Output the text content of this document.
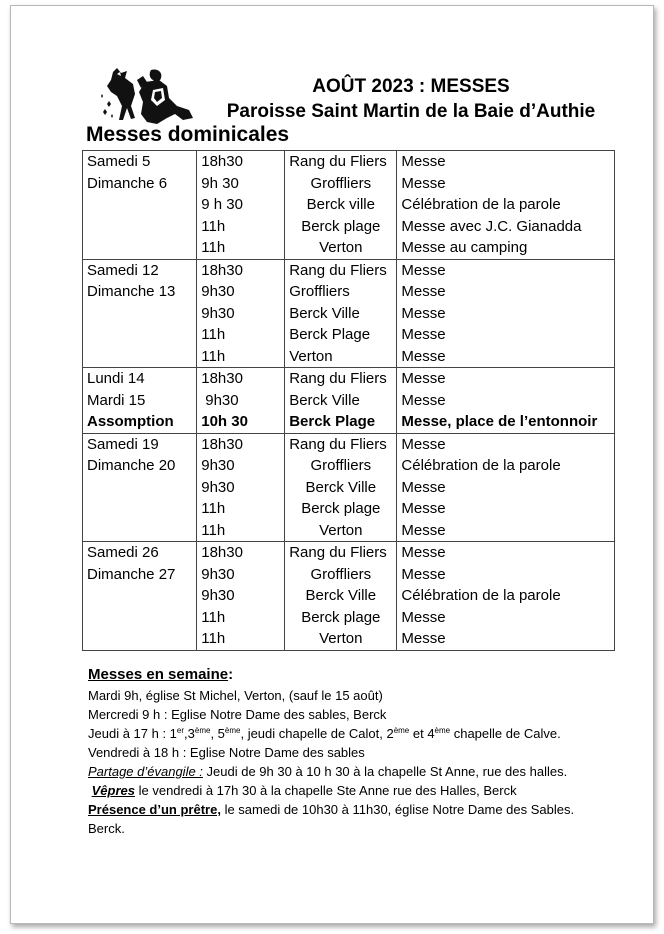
AOÛT 2023 : MESSES
Paroisse Saint Martin de la Baie d’Authie
Messes dominicales
Samedi 5	18h30	Rang du Fliers	Messe
Dimanche 6	9h 30	Groffliers	Messe
	9 h 30	Berck ville	Célébration de la parole
	11h	Berck plage	Messe avec J.C. Gianadda
	11h	Verton	Messe au camping
Samedi 12	18h30	Rang du Fliers	Messe
Dimanche 13	9h30	Groffliers	Messe
	9h30	Berck Ville	Messe
	11h	Berck Plage	Messe
	11h	Verton	Messe
Lundi 14	18h30	Rang du Fliers	Messe
Mardi 15	9h30	Berck Ville	Messe
Assomption	10h 30	Berck Plage	Messe, place de l’entonnoir
Samedi 19	18h30	Rang du Fliers	Messe
Dimanche 20	9h30	Groffliers	Célébration de la parole
	9h30	Berck Ville	Messe
	11h	Berck plage	Messe
	11h	Verton	Messe
Samedi 26	18h30	Rang du Fliers	Messe
Dimanche 27	9h30	Groffliers	Messe
	9h30	Berck Ville	Célébration de la parole
	11h	Berck plage	Messe
	11h	Verton	Messe
Messes en semaine:
Mardi 9h, église St Michel, Verton, (sauf le 15 août)
Mercredi 9 h : Eglise Notre Dame des sables, Berck
Jeudi à 17 h : 1er,3ème, 5ème, jeudi chapelle de Calot, 2ème et 4ème chapelle de Calve.
Vendredi à 18 h : Eglise Notre Dame des sables
Partage d’évangile : Jeudi de 9h 30 à 10 h 30 à la chapelle St Anne, rue des halles.
Vêpres le vendredi à 17h 30 à la chapelle Ste Anne rue des Halles, Berck
Présence d’un prêtre, le samedi de 10h30 à 11h30, église Notre Dame des Sables.
Berck.
